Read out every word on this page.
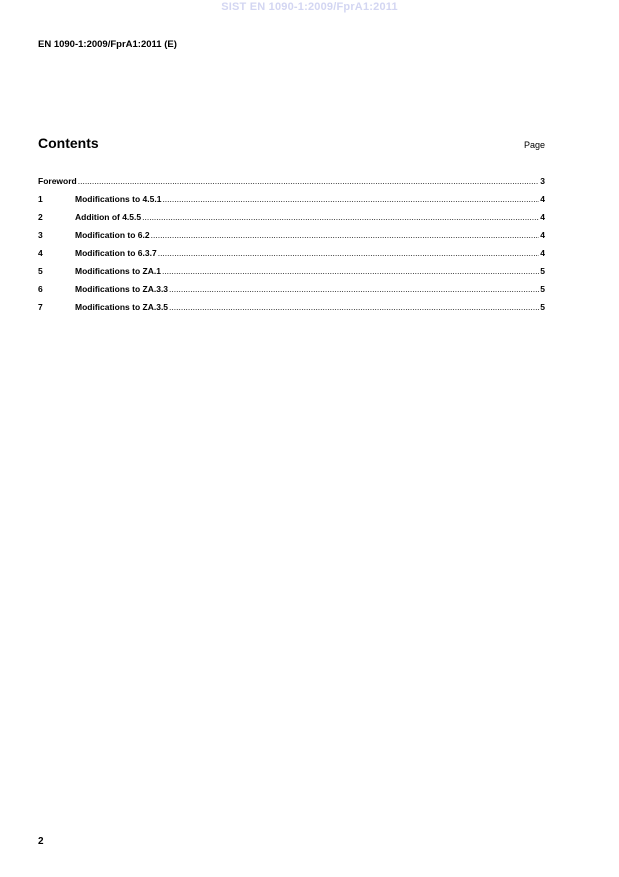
SIST EN 1090-1:2009/FprA1:2011
EN 1090-1:2009/FprA1:2011 (E)
Contents	Page
Foreword .....	3
1	Modifications to 4.5.1 .....	4
2	Addition of 4.5.5 .....	4
3	Modification to 6.2 .....	4
4	Modification to 6.3.7 .....	4
5	Modifications to ZA.1 .....	5
6	Modifications to ZA.3.3 .....	5
7	Modifications to ZA.3.5 .....	5
2
